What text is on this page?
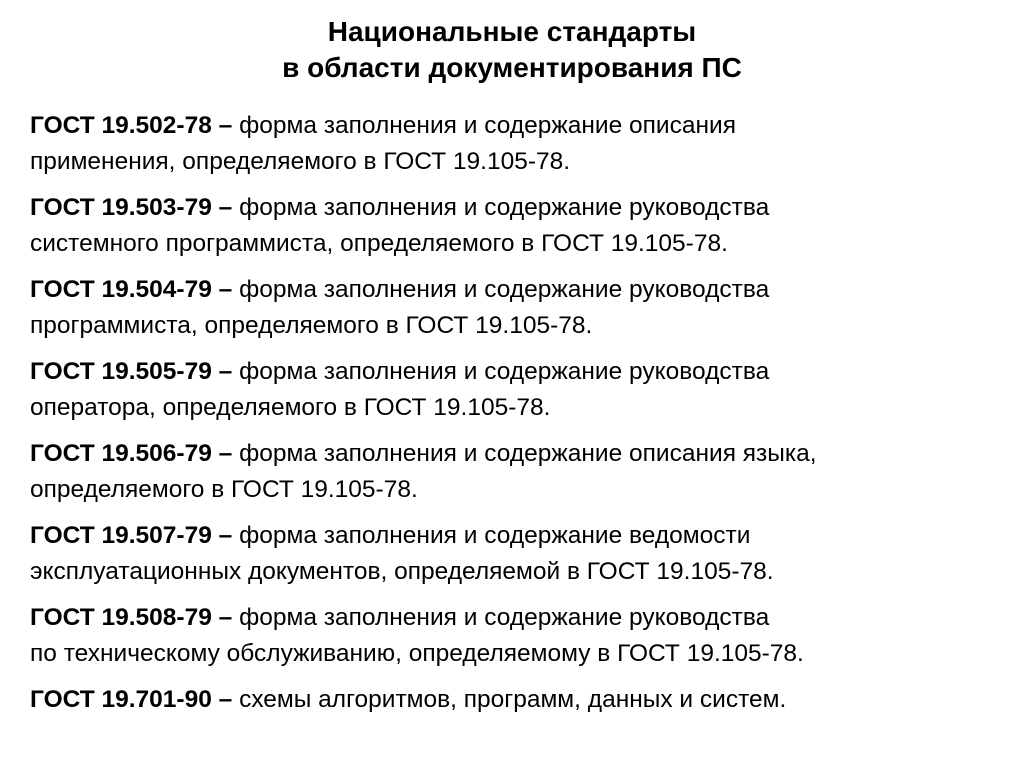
Национальные стандарты
в области документирования ПС
ГОСТ 19.502-78 – форма заполнения и содержание описания
применения, определяемого в ГОСТ 19.105-78.
ГОСТ 19.503-79 – форма заполнения и содержание руководства
системного программиста, определяемого в ГОСТ 19.105-78.
ГОСТ 19.504-79 – форма заполнения и содержание руководства
программиста, определяемого в ГОСТ 19.105-78.
ГОСТ 19.505-79 – форма заполнения и содержание руководства
оператора, определяемого в ГОСТ 19.105-78.
ГОСТ 19.506-79 – форма заполнения и содержание описания языка,
определяемого в ГОСТ 19.105-78.
ГОСТ 19.507-79 – форма заполнения и содержание ведомости
эксплуатационных документов, определяемой в ГОСТ 19.105-78.
ГОСТ 19.508-79 – форма заполнения и содержание руководства
по техническому обслуживанию, определяемому в ГОСТ 19.105-78.
ГОСТ 19.701-90 – схемы алгоритмов, программ, данных и систем.
